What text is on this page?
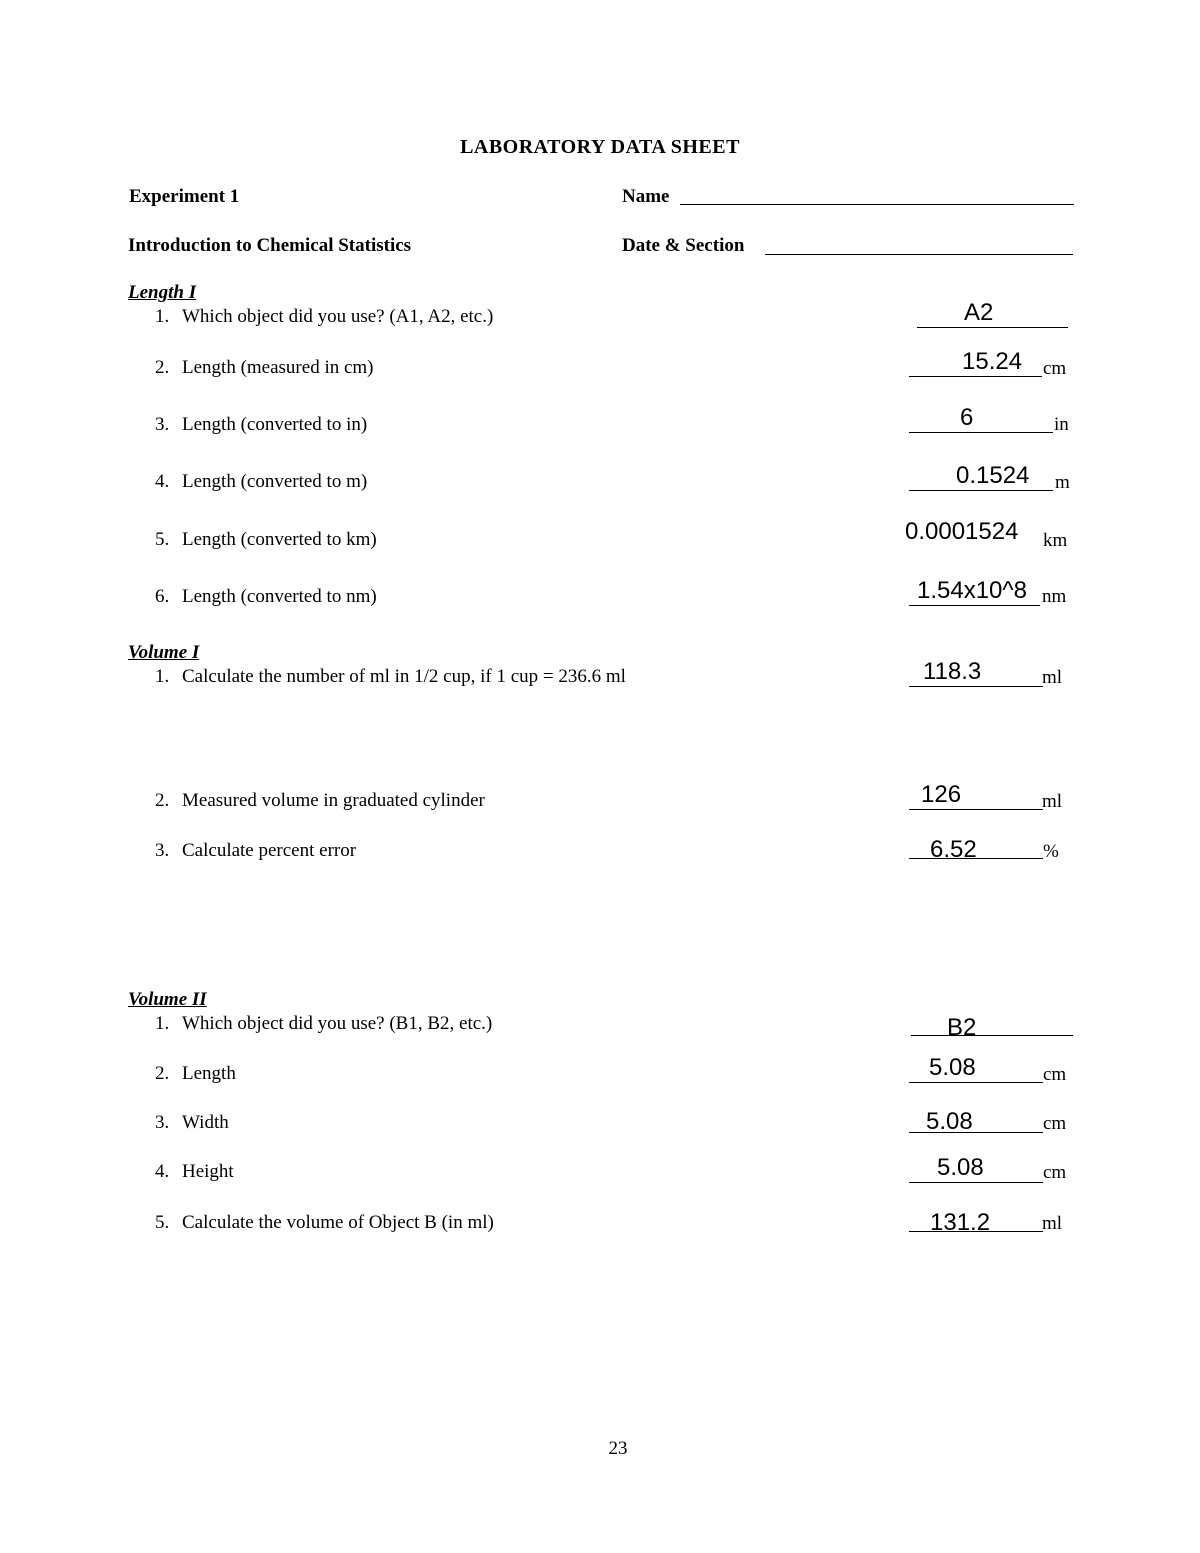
LABORATORY DATA SHEET
Experiment 1	Name
Introduction to Chemical Statistics	Date & Section
Length I
1. Which object did you use? (A1, A2, etc.)	A2
2. Length (measured in cm)	15.24 cm
3. Length (converted to in)	6	in
4. Length (converted to m)	0.1524 m
5. Length (converted to km)	0.0001524 km
6. Length (converted to nm)	1.54x10^8 nm
Volume I
1. Calculate the number of ml in 1/2 cup, if 1 cup = 236.6 ml	118.3	ml
2. Measured volume in graduated cylinder	126	ml
3. Calculate percent error	6.52	%
Volume II
1. Which object did you use? (B1, B2, etc.)	B2
2. Length	5.08	cm
3. Width	5.08	cm
4. Height	5.08	cm
5. Calculate the volume of Object B (in ml)	131.2	ml
23
